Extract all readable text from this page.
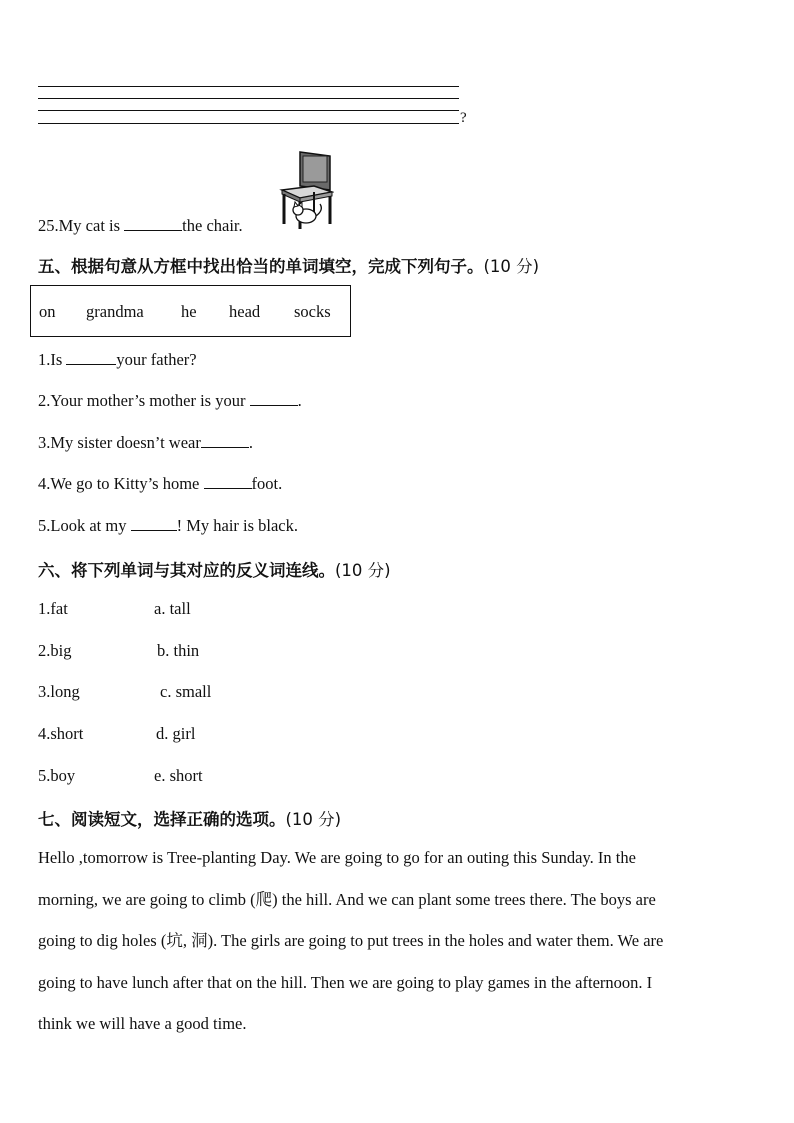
?
25.My cat is	the chair.
五、根据句意从方框中找出恰当的单词填空，完成下列句子。(10 分)
on grandma he head socks
1.Is	your father?
2.Your mother’s mother is your	.
3.My sister doesn’t wear	.
4.We go to Kitty’s home	foot.
5.Look at my	! My hair is black.
六、将下列单词与其对应的反义词连线。(10 分)
1.fat	a. tall
2.big	b. thin
3.long	c. small
4.short	d. girl
5.boy	e. short
七、阅读短文，选择正确的选项。(10 分)

Hello ,tomorrow is Tree-planting Day. We are going to go for an outing this Sunday. In the

morning, we are going to climb (爬) the hill. And we can plant some trees there. The boys are

going to dig holes (坑, 洞). The girls are going to put trees in the holes and water them. We are

going to have lunch after that on the hill. Then we are going to play games in the afternoon. I

think we will have a good time.
